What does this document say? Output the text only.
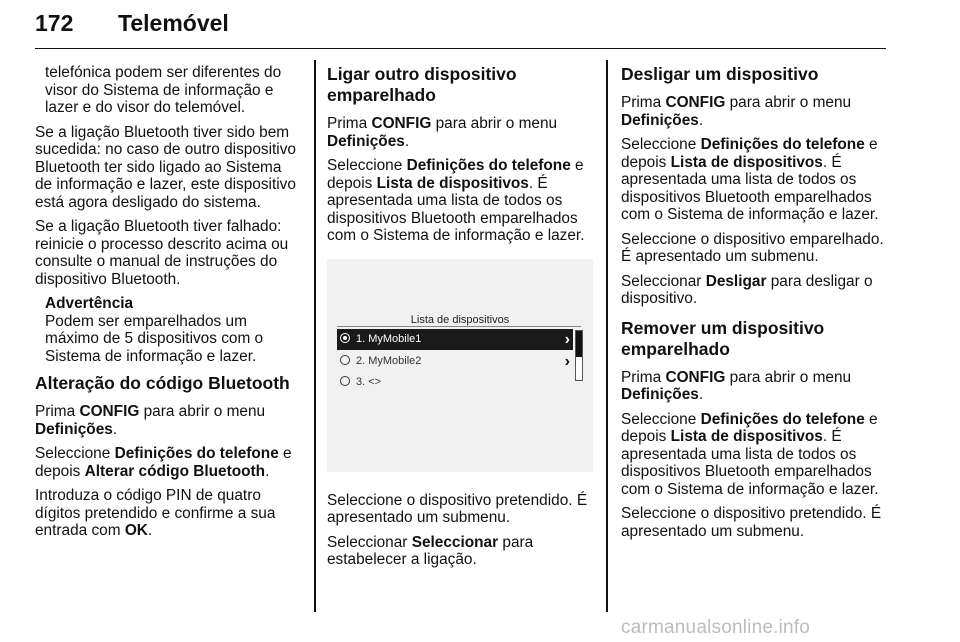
172 Telemóvel

telefónica podem ser diferentes do visor do Sistema de informação e lazer e do visor do telemóvel.

Se a ligação Bluetooth tiver sido bem sucedida: no caso de outro dispositivo Bluetooth ter sido ligado ao Sistema de informação e lazer, este dispositivo está agora desligado do sistema.

Se a ligação Bluetooth tiver falhado: reinicie o processo descrito acima ou consulte o manual de instruções do dispositivo Bluetooth.

Advertência
Podem ser emparelhados um máximo de 5 dispositivos com o Sistema de informação e lazer.
Alteração do código Bluetooth

Prima CONFIG para abrir o menu Definições.

Seleccione Definições do telefone e depois Alterar código Bluetooth.

Introduza o código PIN de quatro dígitos pretendido e confirme a sua entrada com OK.

Ligar outro dispositivo emparelhado

Prima CONFIG para abrir o menu Definições.

Seleccione Definições do telefone e depois Lista de dispositivos. É apresentada uma lista de todos os dispositivos Bluetooth emparelhados com o Sistema de informação e lazer.

Lista de dispositivos
1. MyMobile1	›
2. MyMobile2	›
3. <>

Seleccione o dispositivo pretendido. É apresentado um submenu.

Seleccionar Seleccionar para estabelecer a ligação.

Desligar um dispositivo

Prima CONFIG para abrir o menu Definições.

Seleccione Definições do telefone e depois Lista de dispositivos. É apresentada uma lista de todos os dispositivos Bluetooth emparelhados com o Sistema de informação e lazer.

Seleccione o dispositivo emparelhado. É apresentado um submenu.

Seleccionar Desligar para desligar o dispositivo.

Remover um dispositivo emparelhado

Prima CONFIG para abrir o menu Definições.

Seleccione Definições do telefone e depois Lista de dispositivos. É apresentada uma lista de todos os dispositivos Bluetooth emparelhados com o Sistema de informação e lazer.

Seleccione o dispositivo pretendido. É apresentado um submenu.

carmanualsonline.info
